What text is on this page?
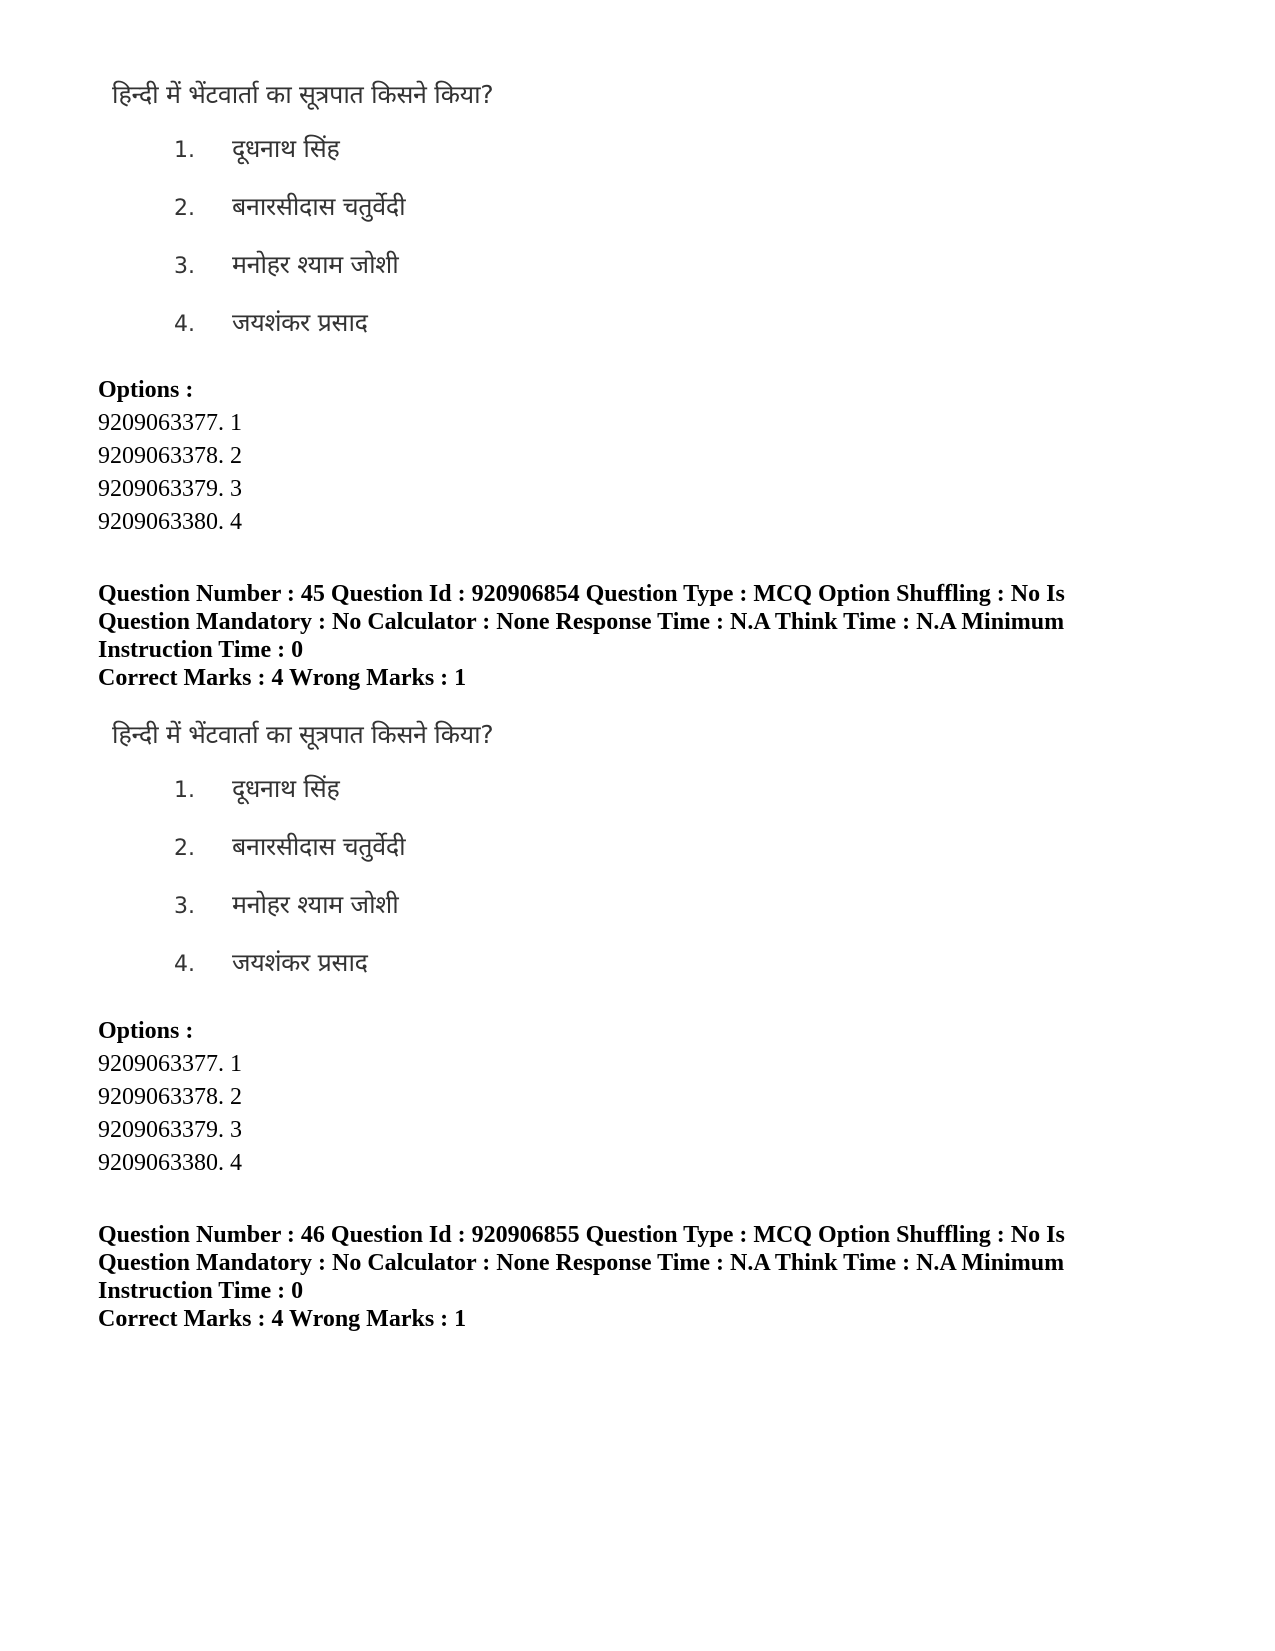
हिन्दी में भेंटवार्ता का सूत्रपात किसने किया?
1. दूधनाथ सिंह
2. बनारसीदास चतुर्वेदी
3. मनोहर श्याम जोशी
4. जयशंकर प्रसाद
Options :
9209063377. 1
9209063378. 2
9209063379. 3
9209063380. 4

Question Number : 45 Question Id : 920906854 Question Type : MCQ Option Shuffling : No Is

Question Mandatory : No Calculator : None Response Time : N.A Think Time : N.A Minimum

Instruction Time : 0

Correct Marks : 4 Wrong Marks : 1

हिन्दी में भेंटवार्ता का सूत्रपात किसने किया?
1. दूधनाथ सिंह
2. बनारसीदास चतुर्वेदी
3. मनोहर श्याम जोशी
4. जयशंकर प्रसाद
Options :
9209063377. 1
9209063378. 2
9209063379. 3
9209063380. 4

Question Number : 46 Question Id : 920906855 Question Type : MCQ Option Shuffling : No Is

Question Mandatory : No Calculator : None Response Time : N.A Think Time : N.A Minimum

Instruction Time : 0

Correct Marks : 4 Wrong Marks : 1
